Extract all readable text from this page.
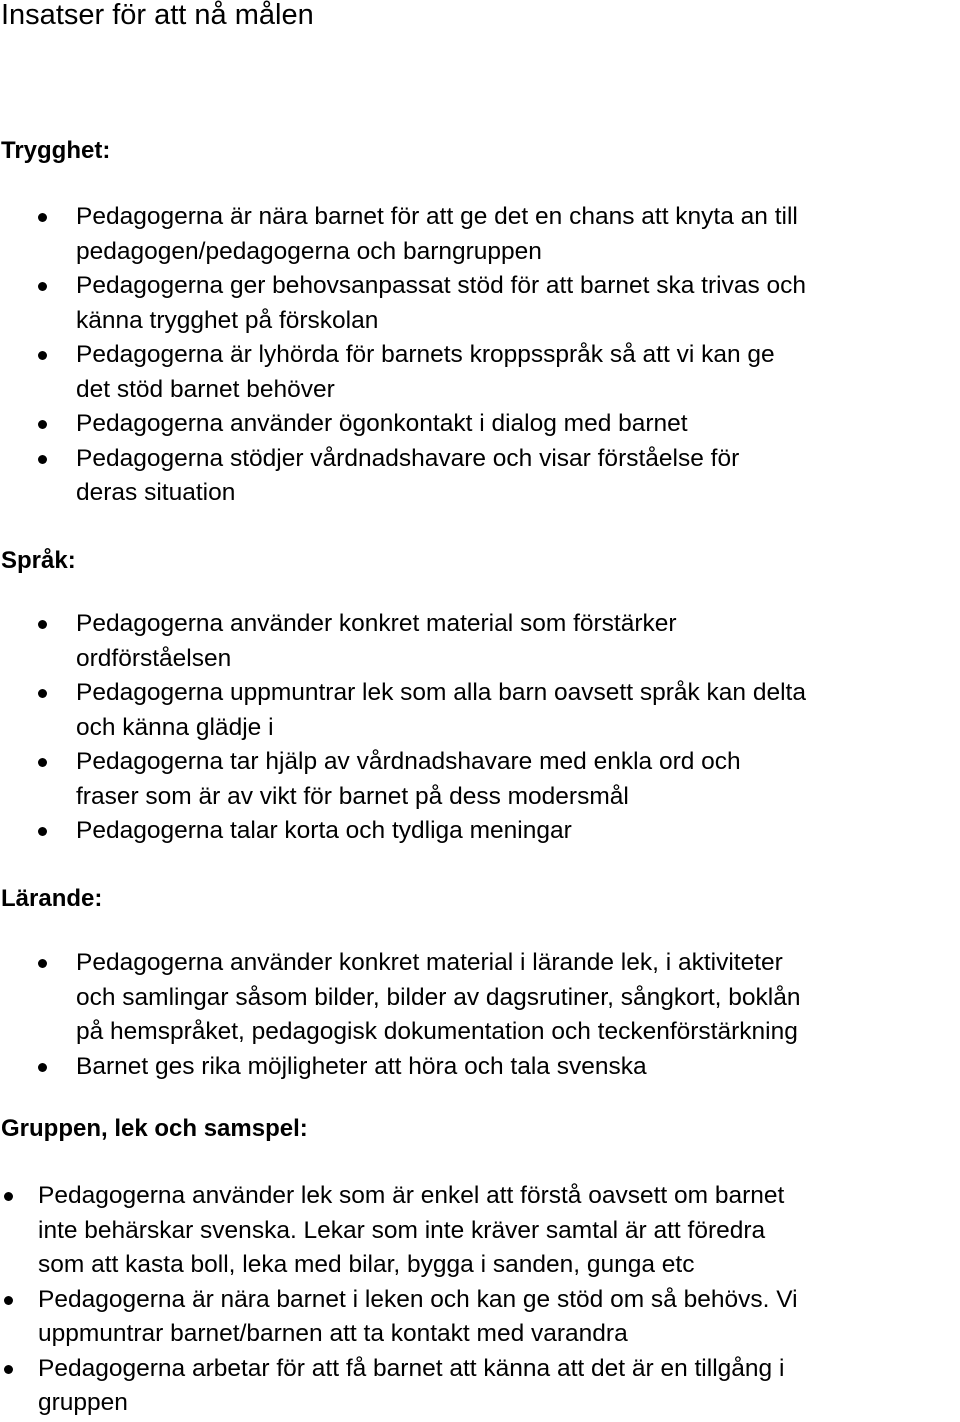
Insatser för att nå målen
Trygghet:
Pedagogerna är nära barnet för att ge det en chans att knyta an till
pedagogen/pedagogerna och barngruppen
Pedagogerna ger behovsanpassat stöd för att barnet ska trivas och
känna trygghet på förskolan
Pedagogerna är lyhörda för barnets kroppsspråk så att vi kan ge
det stöd barnet behöver
Pedagogerna använder ögonkontakt i dialog med barnet
Pedagogerna stödjer vårdnadshavare och visar förståelse för
deras situation
Språk:
Pedagogerna använder konkret material som förstärker
ordförståelsen
Pedagogerna uppmuntrar lek som alla barn oavsett språk kan delta
och känna glädje i
Pedagogerna tar hjälp av vårdnadshavare med enkla ord och
fraser som är av vikt för barnet på dess modersmål
Pedagogerna talar korta och tydliga meningar
Lärande:
Pedagogerna använder konkret material i lärande lek, i aktiviteter
och samlingar såsom bilder, bilder av dagsrutiner, sångkort, boklån
på hemspråket, pedagogisk dokumentation och teckenförstärkning
Barnet ges rika möjligheter att höra och tala svenska
Gruppen, lek och samspel:
Pedagogerna använder lek som är enkel att förstå oavsett om barnet
inte behärskar svenska. Lekar som inte kräver samtal är att föredra
som att kasta boll, leka med bilar, bygga i sanden, gunga etc
Pedagogerna är nära barnet i leken och kan ge stöd om så behövs. Vi
uppmuntrar barnet/barnen att ta kontakt med varandra
Pedagogerna arbetar för att få barnet att känna att det är en tillgång i
gruppen
